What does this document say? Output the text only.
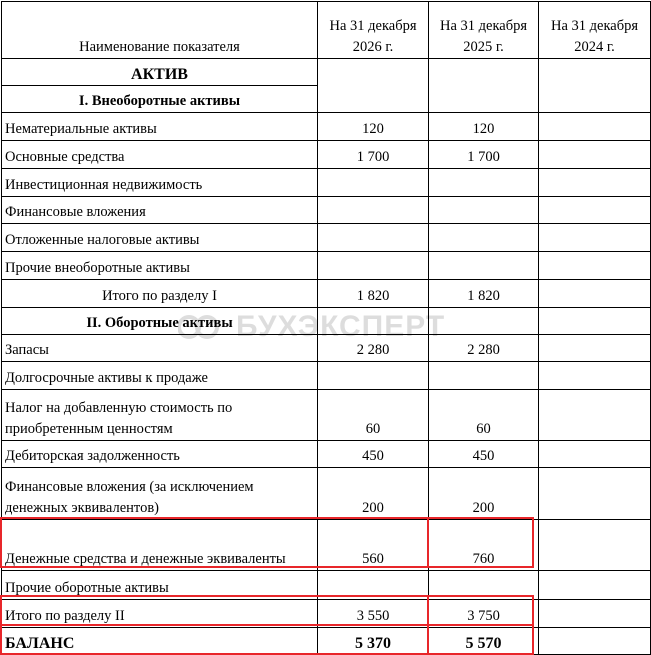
Наименование показателя	На 31 декабря 2026 г.	На 31 декабря 2025 г.	На 31 декабря 2024 г.
АКТИВ			
I. Внеоборотные активы			
Нематериальные активы	120	120	
Основные средства	1 700	1 700	
Инвестиционная недвижимость			
Финансовые вложения			
Отложенные налоговые активы			
Прочие внеоборотные активы			
Итого по разделу I	1 820	1 820	
II. Оборотные активы			
Запасы	2 280	2 280	
Долгосрочные активы к продаже			
Налог на добавленную стоимость по приобретенным ценностям	60	60	
Дебиторская задолженность	450	450	
Финансовые вложения (за исключением денежных эквивалентов)	200	200	
Денежные средства и денежные эквиваленты	560	760	
Прочие оборотные активы			
Итого по разделу II	3 550	3 750	
БАЛАНС	5 370	5 570	
БУХЭКСПЕРТ
